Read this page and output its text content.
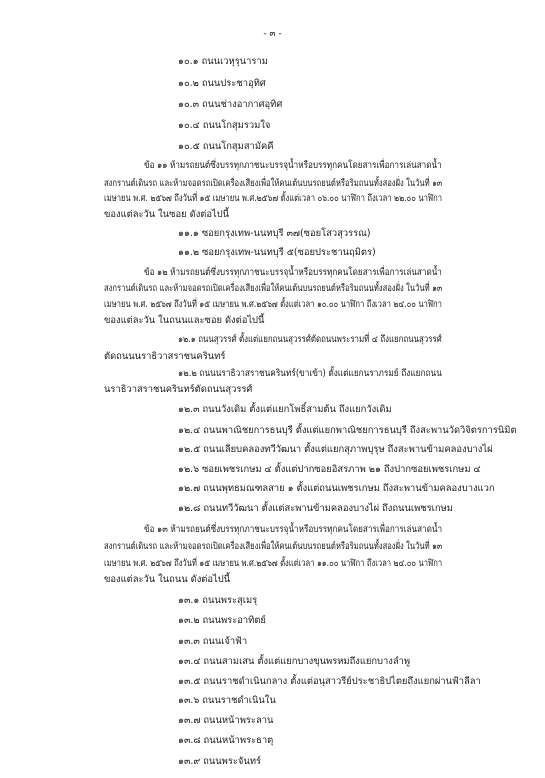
- ๓ -
๑๐.๑ ถนนเวหุรุนาราม
๑๐.๒ ถนนประชาอุทิศ
๑๐.๓ ถนนช่างอากาศอุทิศ
๑๐.๔ ถนนโกสุมรวมใจ
๑๐.๕ ถนนโกสุมสามัคคี
ข้อ ๑๑ ห้ามรถยนต์ซึ่งบรรทุกภาชนะบรรจุน้ำหรือบรรทุกคนโดยสารเพื่อการเล่นสาดน้ำ
สงกรานต์เดินรถ และห้ามจอดรถเปิดเครื่องเสียงเพื่อให้คนเต้นบนรถยนต์หรือริมถนนทั้งสองฝั่ง ในวันที่ ๑๓
เมษายน พ.ศ. ๒๕๖๗ ถึงวันที่ ๑๕ เมษายน พ.ศ.๒๕๖๗ ตั้งแต่เวลา ๐๖.๐๐ นาฬิกา ถึงเวลา ๒๒.๐๐ นาฬิกา
ของแต่ละวัน ในซอย ดังต่อไปนี้
๑๑.๑ ซอยกรุงเทพ-นนทบุรี ๓๗(ซอยโสวสุวรรณ)
๑๑.๒ ซอยกรุงเทพ-นนทบุรี ๕(ซอยประชานฤมิตร)
ข้อ ๑๒ ห้ามรถยนต์ซึ่งบรรทุกภาชนะบรรจุน้ำหรือบรรทุกคนโดยสารเพื่อการเล่นสาดน้ำ
สงกรานต์เดินรถ และห้ามจอดรถเปิดเครื่องเสียงเพื่อให้คนเต้นบนรถยนต์หรือริมถนนทั้งสองฝั่ง ในวันที่ ๑๓
เมษายน พ.ศ. ๒๕๖๗ ถึงวันที่ ๑๕ เมษายน พ.ศ.๒๕๖๗ ตั้งแต่เวลา ๑๐.๐๐ นาฬิกา ถึงเวลา ๒๔.๐๐ นาฬิกา
ของแต่ละวัน ในถนนและซอย ดังต่อไปนี้
๑๒.๑ ถนนสุวรรศ์ ตั้งแต่แยกถนนสุวรรศ์ตัดถนนพระรามที่ ๔ ถึงแยกถนนสุวรรศ์
ตัดถนนนราธิวาสราชนครินทร์
๑๒.๒ ถนนนราธิวาสราชนครินทร์(ขาเข้า) ตั้งแต่แยกนราภรมย์ ถึงแยกถนน
นราธิวาสราชนครินทร์ตัดถนนสุวรรศ์
๑๒.๓ ถนนวังเดิม ตั้งแต่แยกโพธิ์สามต้น ถึงแยกวังเดิม
๑๒.๔ ถนนพาณิชยการธนบุรี ตั้งแต่แยกพาณิชยการธนบุรี ถึงสะพานวัดวิจิตรการนิมิต
๑๒.๕ ถนนเลียบคลองทวีวัฒนา ตั้งแต่แยกสุภาพบุรุษ ถึงสะพานข้ามคลองบางไผ่
๑๒.๖ ซอยเพชรเกษม ๔ ตั้งแต่ปากซอยอิสรภาพ ๒๑ ถึงปากซอยเพชรเกษม ๔
๑๒.๗ ถนนพุทธมณฑลสาย ๑ ตั้งแต่ถนนเพชรเกษม ถึงสะพานข้ามคลองบางแวก
๑๒.๘ ถนนทวีวัฒนา ตั้งแต่สะพานข้ามคลองบางไผ่ ถึงถนนเพชรเกษม
ข้อ ๑๓ ห้ามรถยนต์ซึ่งบรรทุกภาชนะบรรจุน้ำหรือบรรทุกคนโดยสารเพื่อการเล่นสาดน้ำ
สงกรานต์เดินรถ และห้ามจอดรถเปิดเครื่องเสียงเพื่อให้คนเต้นบนรถยนต์หรือริมถนนทั้งสองฝั่ง ในวันที่ ๑๓
เมษายน พ.ศ. ๒๕๖๗ ถึงวันที่ ๑๕ เมษายน พ.ศ.๒๕๖๗ ตั้งแต่เวลา ๑๑.๐๐ นาฬิกา ถึงเวลา ๒๔.๐๐ นาฬิกา
ของแต่ละวัน ในถนน ดังต่อไปนี้
๑๓.๑ ถนนพระสุเมรุ
๑๓.๒ ถนนพระอาทิตย์
๑๓.๓ ถนนเจ้าฟ้า
๑๓.๔ ถนนสามเสน ตั้งแต่แยกบางขุนพรหมถึงแยกบางลำพู
๑๓.๕ ถนนราชดำเนินกลาง ตั้งแต่อนุสาวรีย์ประชาธิปไตยถึงแยกผ่านฟ้าลีลา
๑๓.๖ ถนนราชดำเนินใน
๑๓.๗ ถนนหน้าพระลาน
๑๓.๘ ถนนหน้าพระธาตุ
๑๓.๙ ถนนพระจันทร์
